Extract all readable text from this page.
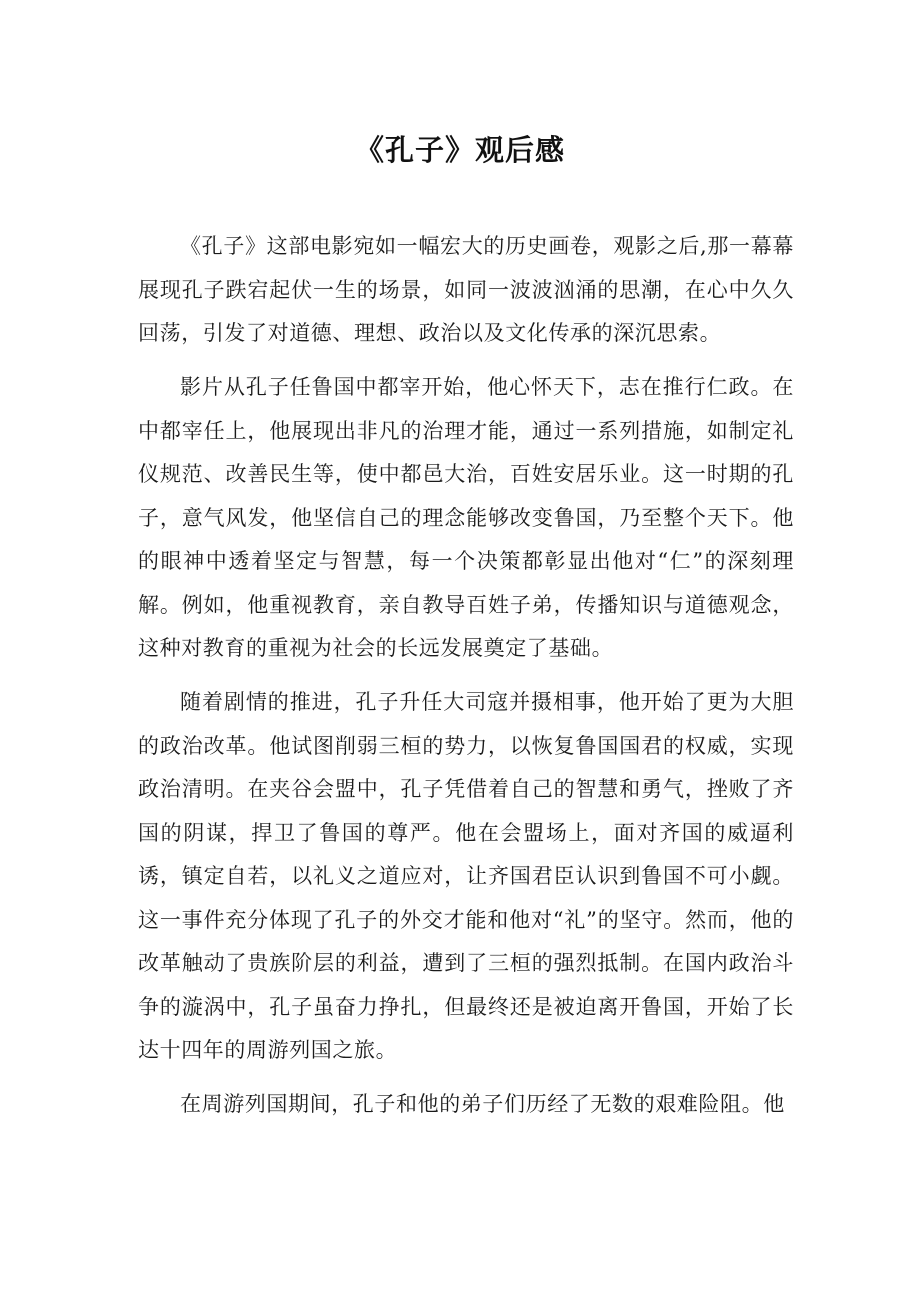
《孔子》观后感

《孔子》这部电影宛如一幅宏大的历史画卷，观影之后,那一幕幕展现孔子跌宕起伏一生的场景，如同一波波汹涌的思潮，在心中久久回荡，引发了对道德、理想、政治以及文化传承的深沉思索。

影片从孔子任鲁国中都宰开始，他心怀天下，志在推行仁政。在中都宰任上，他展现出非凡的治理才能，通过一系列措施，如制定礼仪规范、改善民生等，使中都邑大治，百姓安居乐业。这一时期的孔子，意气风发，他坚信自己的理念能够改变鲁国，乃至整个天下。他的眼神中透着坚定与智慧，每一个决策都彰显出他对“仁”的深刻理解。例如，他重视教育，亲自教导百姓子弟，传播知识与道德观念，这种对教育的重视为社会的长远发展奠定了基础。

随着剧情的推进，孔子升任大司寇并摄相事，他开始了更为大胆的政治改革。他试图削弱三桓的势力，以恢复鲁国国君的权威，实现政治清明。在夹谷会盟中，孔子凭借着自己的智慧和勇气，挫败了齐国的阴谋，捍卫了鲁国的尊严。他在会盟场上，面对齐国的威逼利诱，镇定自若，以礼义之道应对，让齐国君臣认识到鲁国不可小觑。这一事件充分体现了孔子的外交才能和他对“礼”的坚守。然而，他的改革触动了贵族阶层的利益，遭到了三桓的强烈抵制。在国内政治斗争的漩涡中，孔子虽奋力挣扎，但最终还是被迫离开鲁国，开始了长达十四年的周游列国之旅。

在周游列国期间，孔子和他的弟子们历经了无数的艰难险阻。他
